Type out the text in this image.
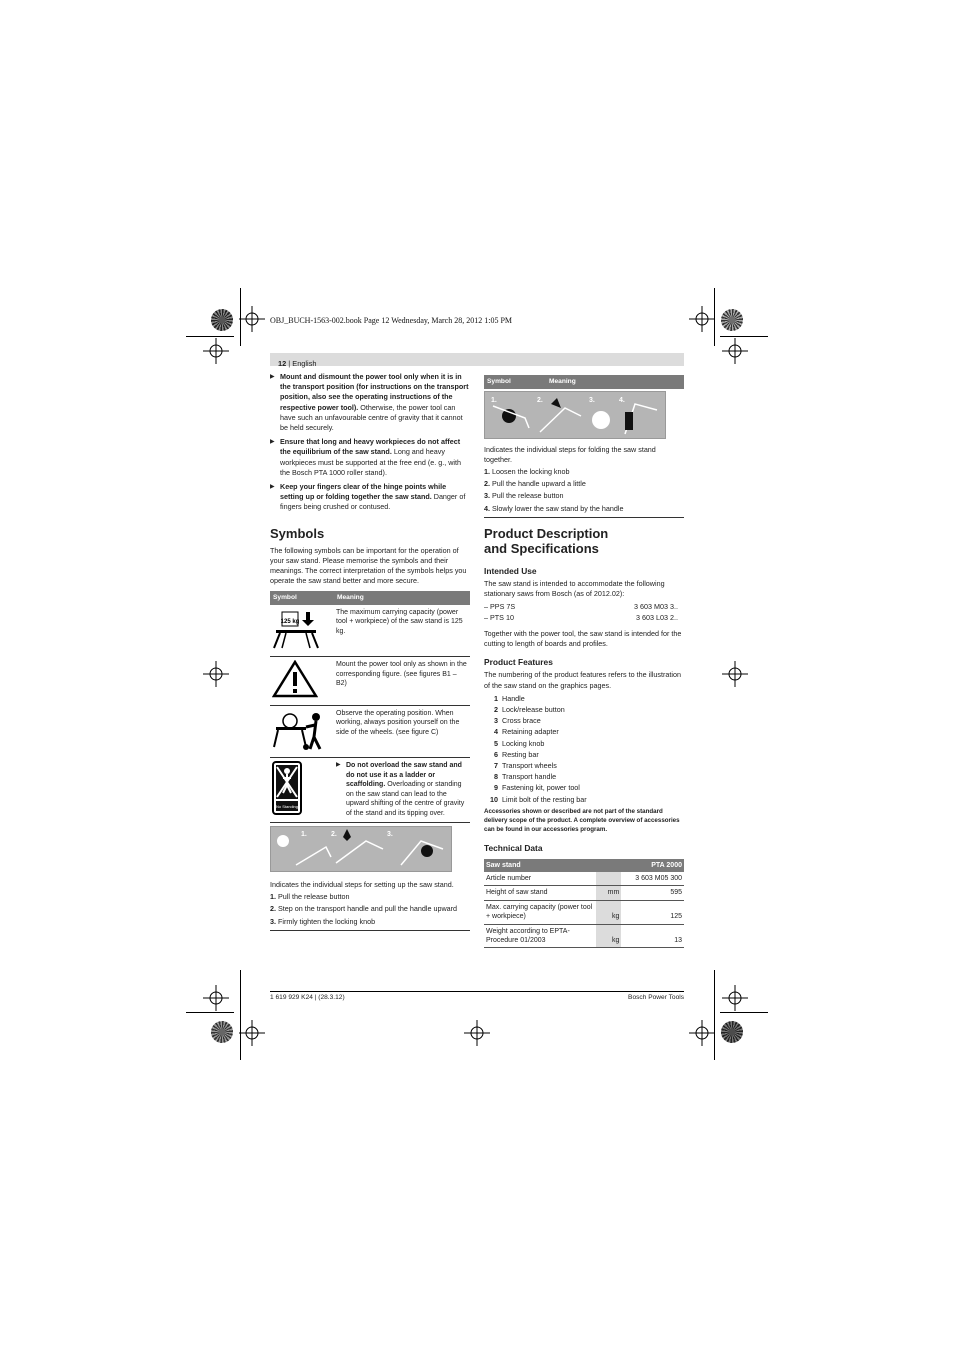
OBJ_BUCH-1563-002.book Page 12 Wednesday, March 28, 2012 1:05 PM
12 | English
▶ Mount and dismount the power tool only when it is in the transport position (for instructions on the transport position, also see the operating instructions of the respective power tool). Otherwise, the power tool can have such an unfavourable centre of gravity that it cannot be held securely.
▶ Ensure that long and heavy workpieces do not affect the equilibrium of the saw stand. Long and heavy workpieces must be supported at the free end (e. g., with the Bosch PTA 1000 roller stand).
▶ Keep your fingers clear of the hinge points while setting up or folding together the saw stand. Danger of fingers being crushed or contused.
Symbols

The following symbols can be important for the operation of your saw stand. Please memorise the symbols and their meanings. The correct interpretation of the symbols helps you operate the saw stand better and more secure.

Symbol	Meaning

125 kg	The maximum carrying capacity (power tool + workpiece) of the saw stand is 125 kg.
	Mount the power tool only as shown in the corresponding figure. (see figures B1 – B2)
	Observe the operating position. When working, always position yourself on the side of the wheels. (see figure C)

No Standing	▶ Do not overload the saw stand and do not use it as a ladder or scaffolding. Overloading or standing on the saw stand can lead to the upward shifting of the centre of gravity of the stand and its tipping over.
1.	2.	3.

Indicates the individual steps for setting up the saw stand.

1. Pull the release button
2. Step on the transport handle and pull the handle upward
3. Firmly tighten the locking knob
Symbol	Meaning
1.	2.	3.	4.

Indicates the individual steps for folding the saw stand together.

1. Loosen the locking knob
2. Pull the handle upward a little
3. Pull the release button
4. Slowly lower the saw stand by the handle
Product Description and Specifications
Intended Use

The saw stand is intended to accommodate the following stationary saws from Bosch (as of 2012.02):

– PPS 7S	3 603 M03 3..
– PTS 10	3 603 L03 2..

Together with the power tool, the saw stand is intended for the cutting to length of boards and profiles.

Product Features

The numbering of the product features refers to the illustration of the saw stand on the graphics pages.

1 Handle
2 Lock/release button
3 Cross brace
4 Retaining adapter
5 Locking knob
6 Resting bar
7 Transport wheels
8 Transport handle
9 Fastening kit, power tool
10 Limit bolt of the resting bar

Accessories shown or described are not part of the standard delivery scope of the product. A complete overview of accessories can be found in our accessories program.

Technical Data
Saw stand		PTA 2000
Article number		3 603 M05 300
Height of saw stand	mm	595
Max. carrying capacity (power tool + workpiece)	kg	125
Weight according to EPTA-Procedure 01/2003	kg	13
1 619 929 K24 | (28.3.12)	Bosch Power Tools
